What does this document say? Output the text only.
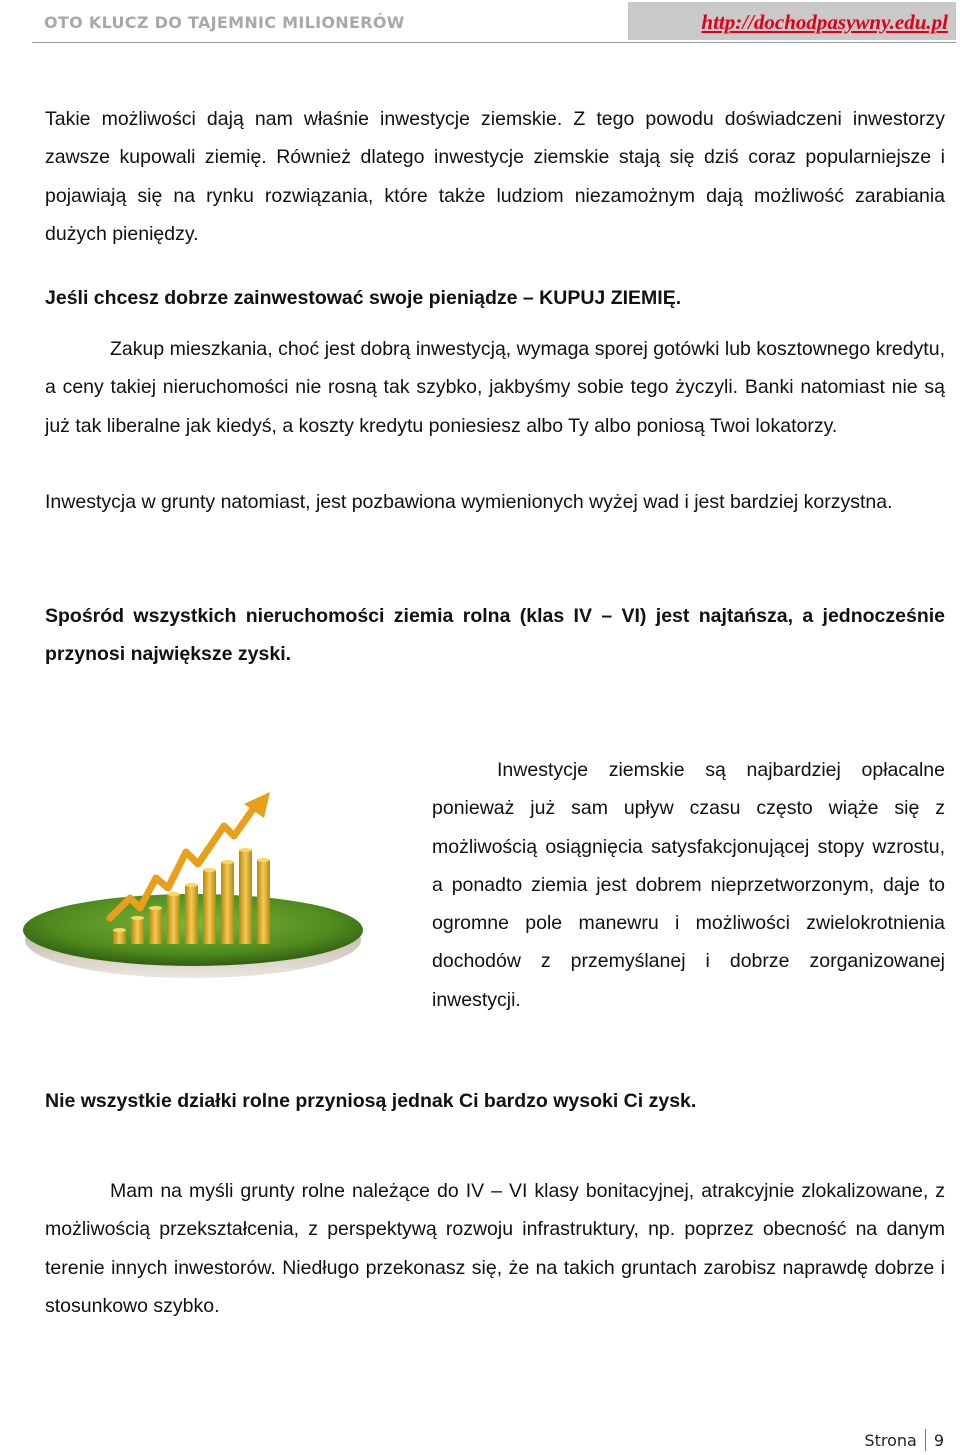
OTO KLUCZ DO TAJEMNIC MILIONERÓW	http://dochodpasywny.edu.pl

Takie możliwości dają nam właśnie inwestycje ziemskie. Z tego powodu doświadczeni inwestorzy zawsze kupowali ziemię. Również dlatego inwestycje ziemskie stają się dziś coraz popularniejsze i pojawiają się na rynku rozwiązania, które także ludziom niezamożnym dają możliwość zarabiania dużych pieniędzy.

Jeśli chcesz dobrze zainwestować swoje pieniądze – KUPUJ ZIEMIĘ.

Zakup mieszkania, choć jest dobrą inwestycją, wymaga sporej gotówki lub kosztownego kredytu, a ceny takiej nieruchomości nie rosną tak szybko, jakbyśmy sobie tego życzyli. Banki natomiast nie są już tak liberalne jak kiedyś, a koszty kredytu poniesiesz albo Ty albo poniosą Twoi lokatorzy.

Inwestycja w grunty natomiast, jest pozbawiona wymienionych wyżej wad i jest bardziej korzystna.

Spośród wszystkich nieruchomości ziemia rolna (klas IV – VI) jest najtańsza, a jednocześnie przynosi największe zyski.

Inwestycje ziemskie są najbardziej opłacalne ponieważ już sam upływ czasu często wiąże się z możliwością osiągnięcia satysfakcjonującej stopy wzrostu, a ponadto ziemia jest dobrem nieprzetworzonym, daje to ogromne pole manewru i możliwości zwielokrotnienia dochodów z przemyślanej i dobrze zorganizowanej inwestycji.

Nie wszystkie działki rolne przyniosą jednak Ci bardzo wysoki Ci zysk.

Mam na myśli grunty rolne należące do IV – VI klasy bonitacyjnej, atrakcyjnie zlokalizowane, z możliwością przekształcenia, z perspektywą rozwoju infrastruktury, np. poprzez obecność na danym terenie innych inwestorów. Niedługo przekonasz się, że na takich gruntach zarobisz naprawdę dobrze i stosunkowo szybko.

Strona 9
